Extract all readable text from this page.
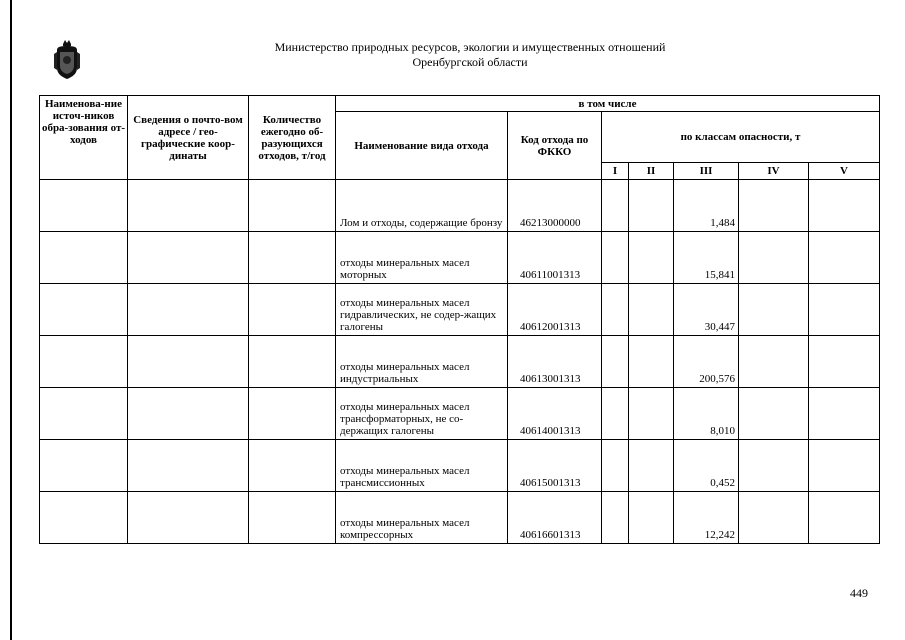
Министерство природных ресурсов, экологии и имущественных отношений
Оренбургской области
Наименова-ние источ-ников обра-зования от-ходов	Сведения о почто-вом адресе / гео-графические коор-динаты	Количество ежегодно об-разующихся отходов, т/год	в том числе						
			Наименование вида отхода	Код отхода по ФККО	по классам опасности, т				
					I	II	III	IV	V
			Лом и отходы, содержащие бронзу	46213000000			1,484		
			отходы минеральных масел моторных	40611001313			15,841		
			отходы минеральных масел гидравлических, не содер-жащих галогены	40612001313			30,447		
			отходы минеральных масел индустриальных	40613001313			200,576		
			отходы минеральных масел трансформаторных, не со-держащих галогены	40614001313			8,010		
			отходы минеральных масел трансмиссионных	40615001313			0,452		
			отходы минеральных масел компрессорных	40616601313			12,242		
449
